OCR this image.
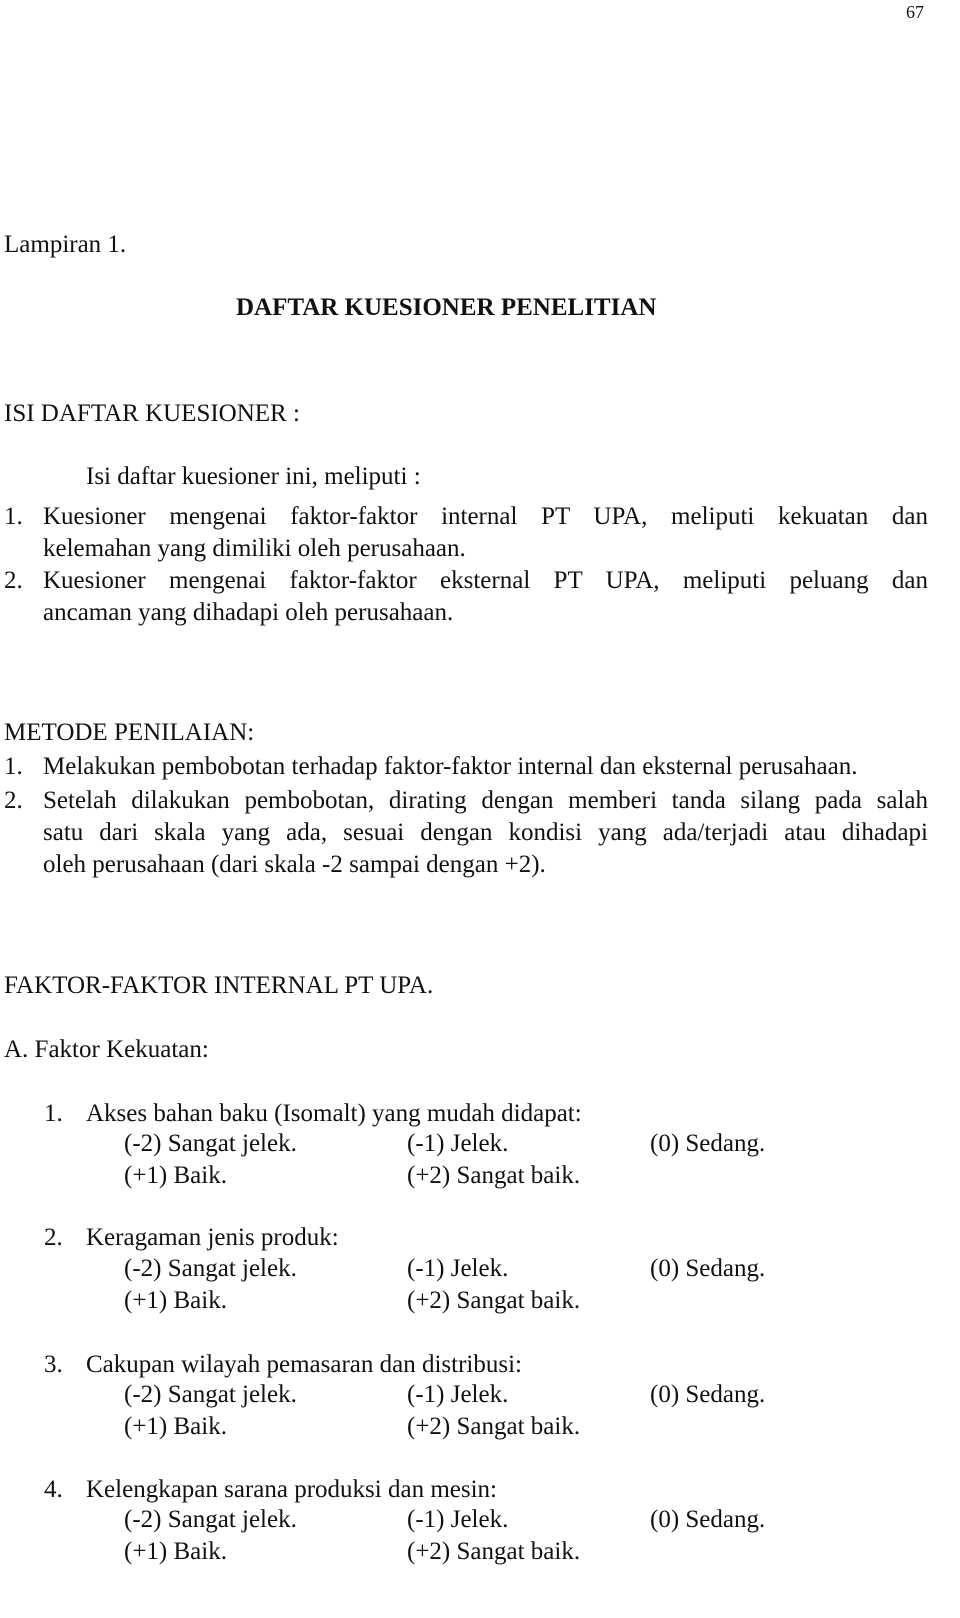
67
Lampiran 1.
DAFTAR KUESIONER PENELITIAN
ISI DAFTAR KUESIONER :
Isi daftar kuesioner ini, meliputi :
1. Kuesioner mengenai faktor-faktor internal PT UPA, meliputi kekuatan dan
kelemahan yang dimiliki oleh perusahaan.
2. Kuesioner mengenai faktor-faktor eksternal PT UPA, meliputi peluang dan
ancaman yang dihadapi oleh perusahaan.
METODE PENILAIAN:
1. Melakukan pembobotan terhadap faktor-faktor internal dan eksternal perusahaan.
2. Setelah dilakukan pembobotan, dirating dengan memberi tanda silang pada salah
satu dari skala yang ada, sesuai dengan kondisi yang ada/terjadi atau dihadapi
oleh perusahaan (dari skala -2 sampai dengan +2).
FAKTOR-FAKTOR INTERNAL PT UPA.
A. Faktor Kekuatan:
1. Akses bahan baku (Isomalt) yang mudah didapat:
(-2) Sangat jelek.	(-1) Jelek.	(0) Sedang.
(+1) Baik.	(+2) Sangat baik.
2. Keragaman jenis produk:
(-2) Sangat jelek.	(-1) Jelek.	(0) Sedang.
(+1) Baik.	(+2) Sangat baik.
3. Cakupan wilayah pemasaran dan distribusi:
(-2) Sangat jelek.	(-1) Jelek.	(0) Sedang.
(+1) Baik.	(+2) Sangat baik.
4. Kelengkapan sarana produksi dan mesin:
(-2) Sangat jelek.	(-1) Jelek.	(0) Sedang.
(+1) Baik.	(+2) Sangat baik.
